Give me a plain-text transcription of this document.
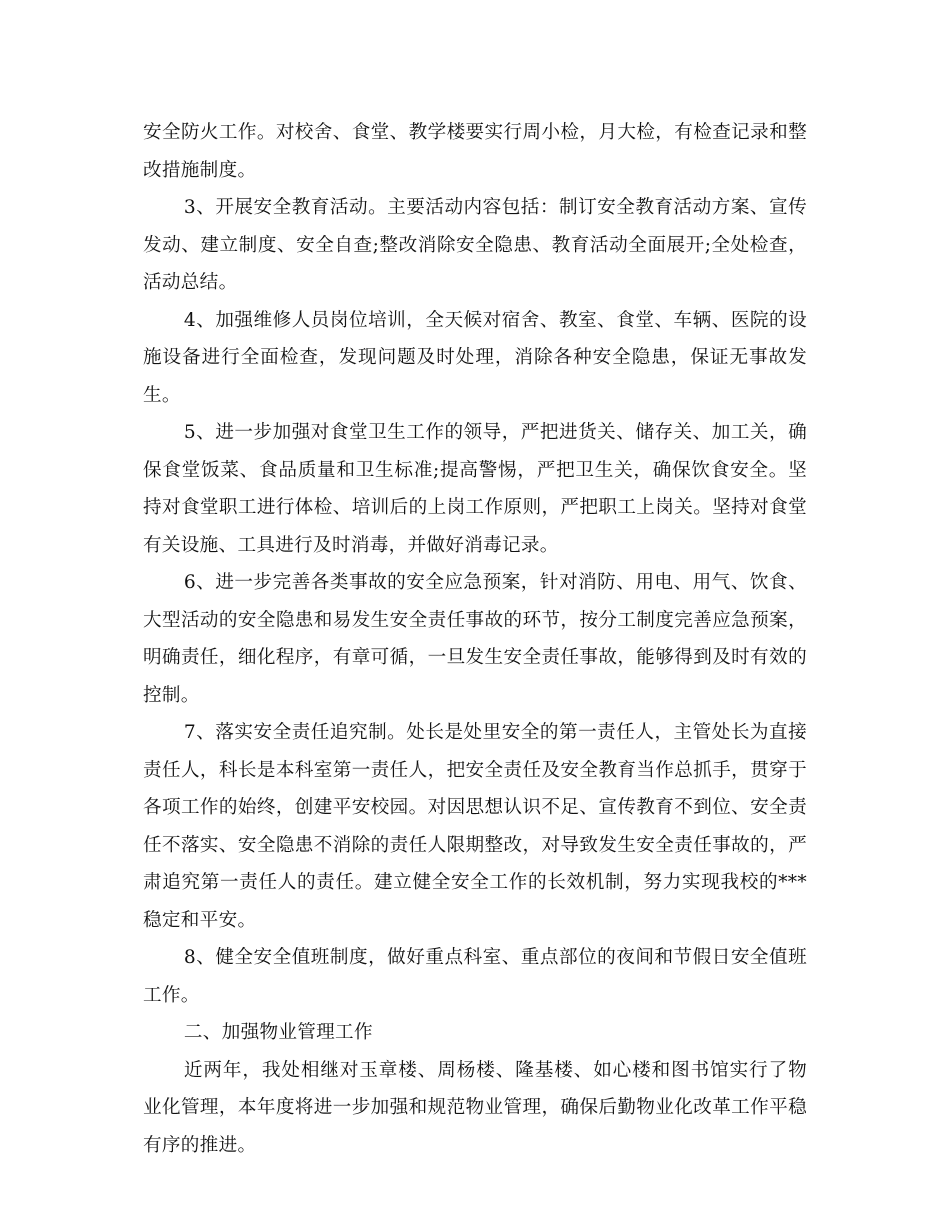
安全防火工作。对校舍、食堂、教学楼要实行周小检，月大检，有检查记录和整改措施制度。

3、开展安全教育活动。主要活动内容包括：制订安全教育活动方案、宣传发动、建立制度、安全自查;整改消除安全隐患、教育活动全面展开;全处检查，活动总结。

4、加强维修人员岗位培训，全天候对宿舍、教室、食堂、车辆、医院的设施设备进行全面检查，发现问题及时处理，消除各种安全隐患，保证无事故发生。

5、进一步加强对食堂卫生工作的领导，严把进货关、储存关、加工关，确保食堂饭菜、食品质量和卫生标准;提高警惕，严把卫生关，确保饮食安全。坚持对食堂职工进行体检、培训后的上岗工作原则，严把职工上岗关。坚持对食堂有关设施、工具进行及时消毒，并做好消毒记录。

6、进一步完善各类事故的安全应急预案，针对消防、用电、用气、饮食、大型活动的安全隐患和易发生安全责任事故的环节，按分工制度完善应急预案，明确责任，细化程序，有章可循，一旦发生安全责任事故，能够得到及时有效的控制。

7、落实安全责任追究制。处长是处里安全的第一责任人，主管处长为直接责任人，科长是本科室第一责任人，把安全责任及安全教育当作总抓手，贯穿于各项工作的始终，创建平安校园。对因思想认识不足、宣传教育不到位、安全责任不落实、安全隐患不消除的责任人限期整改，对导致发生安全责任事故的，严肃追究第一责任人的责任。建立健全安全工作的长效机制，努力实现我校的***稳定和平安。

8、健全安全值班制度，做好重点科室、重点部位的夜间和节假日安全值班工作。

二、加强物业管理工作

近两年，我处相继对玉章楼、周杨楼、隆基楼、如心楼和图书馆实行了物业化管理，本年度将进一步加强和规范物业管理，确保后勤物业化改革工作平稳有序的推进。
